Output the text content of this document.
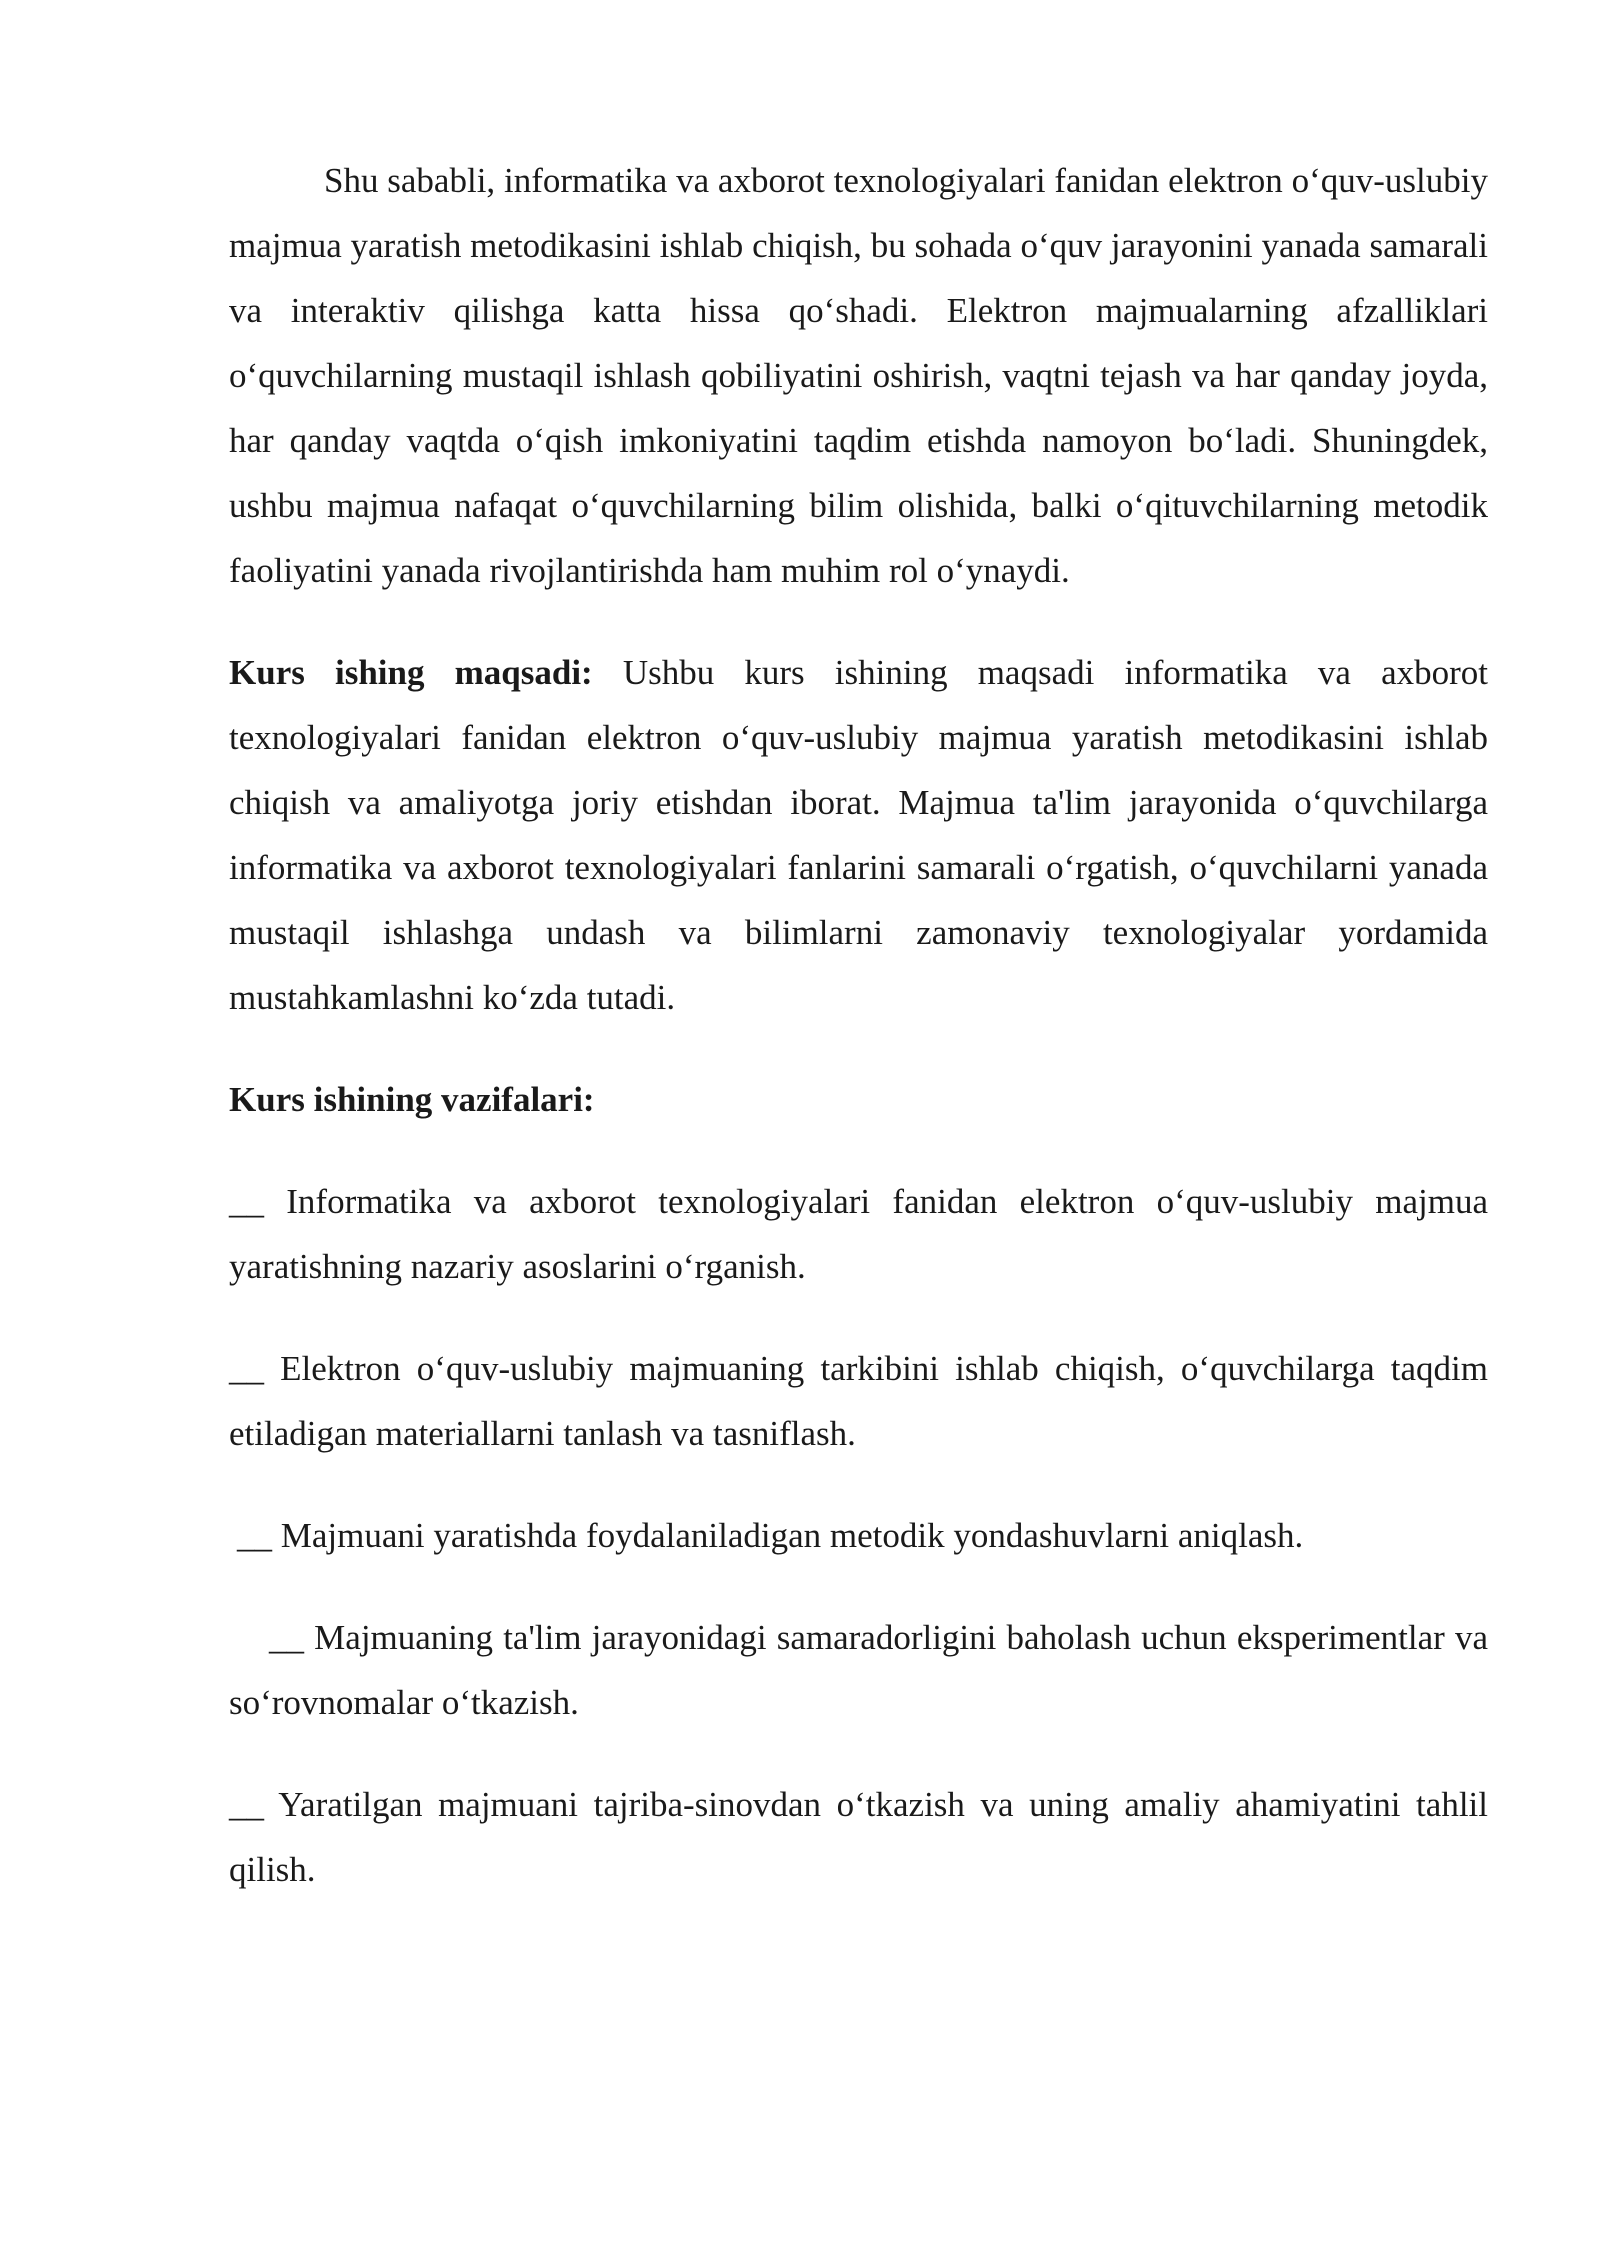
Shu sababli, informatika va axborot texnologiyalari fanidan elektron o‘quv-uslubiy majmua yaratish metodikasini ishlab chiqish, bu sohada o‘quv jarayonini yanada samarali va interaktiv qilishga katta hissa qo‘shadi. Elektron majmualarning afzalliklari o‘quvchilarning mustaqil ishlash qobiliyatini oshirish, vaqtni tejash va har qanday joyda, har qanday vaqtda o‘qish imkoniyatini taqdim etishda namoyon bo‘ladi. Shuningdek, ushbu majmua nafaqat o‘quvchilarning bilim olishida, balki o‘qituvchilarning metodik faoliyatini yanada rivojlantirishda ham muhim rol o‘ynaydi.

Kurs ishing maqsadi: Ushbu kurs ishining maqsadi informatika va axborot texnologiyalari fanidan elektron o‘quv-uslubiy majmua yaratish metodikasini ishlab chiqish va amaliyotga joriy etishdan iborat. Majmua ta'lim jarayonida o‘quvchilarga informatika va axborot texnologiyalari fanlarini samarali o‘rgatish, o‘quvchilarni yanada mustaqil ishlashga undash va bilimlarni zamonaviy texnologiyalar yordamida mustahkamlashni ko‘zda tutadi.

Kurs ishining vazifalari:

__ Informatika va axborot texnologiyalari fanidan elektron o‘quv-uslubiy majmua yaratishning nazariy asoslarini o‘rganish.

__ Elektron o‘quv-uslubiy majmuaning tarkibini ishlab chiqish, o‘quvchilarga taqdim etiladigan materiallarni tanlash va tasniflash.

__ Majmuani yaratishda foydalaniladigan metodik yondashuvlarni aniqlash.

__ Majmuaning ta'lim jarayonidagi samaradorligini baholash uchun eksperimentlar va so‘rovnomalar o‘tkazish.

__ Yaratilgan majmuani tajriba-sinovdan o‘tkazish va uning amaliy ahamiyatini tahlil qilish.
